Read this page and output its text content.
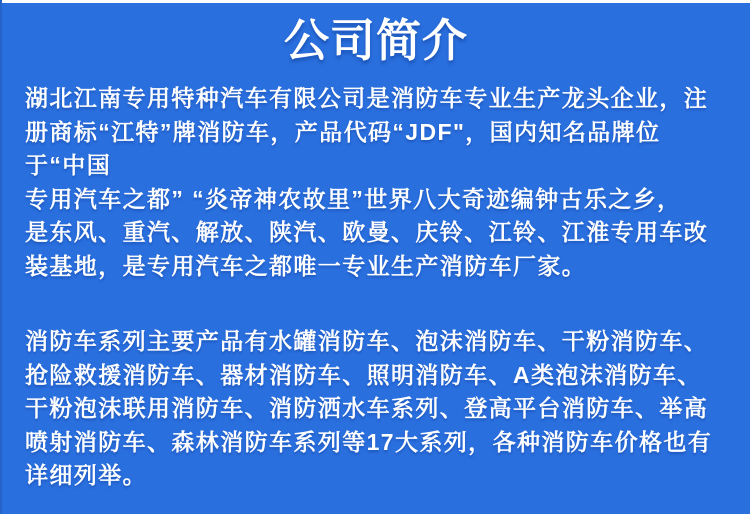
公司简介
湖北江南专用特种汽车有限公司是消防车专业生产龙头企业，注
册商标“江特”牌消防车，产品代码“JDF"，国内知名品牌位
于“中国
专用汽车之都” “炎帝神农故里”世界八大奇迹编钟古乐之乡，
是东风、重汽、解放、陕汽、欧曼、庆铃、江铃、江淮专用车改
装基地，是专用汽车之都唯一专业生产消防车厂家。
消防车系列主要产品有水罐消防车、泡沫消防车、干粉消防车、
抢险救援消防车、器材消防车、照明消防车、A类泡沫消防车、
干粉泡沫联用消防车、消防洒水车系列、登高平台消防车、举高
喷射消防车、森林消防车系列等17大系列，各种消防车价格也有
详细列举。
